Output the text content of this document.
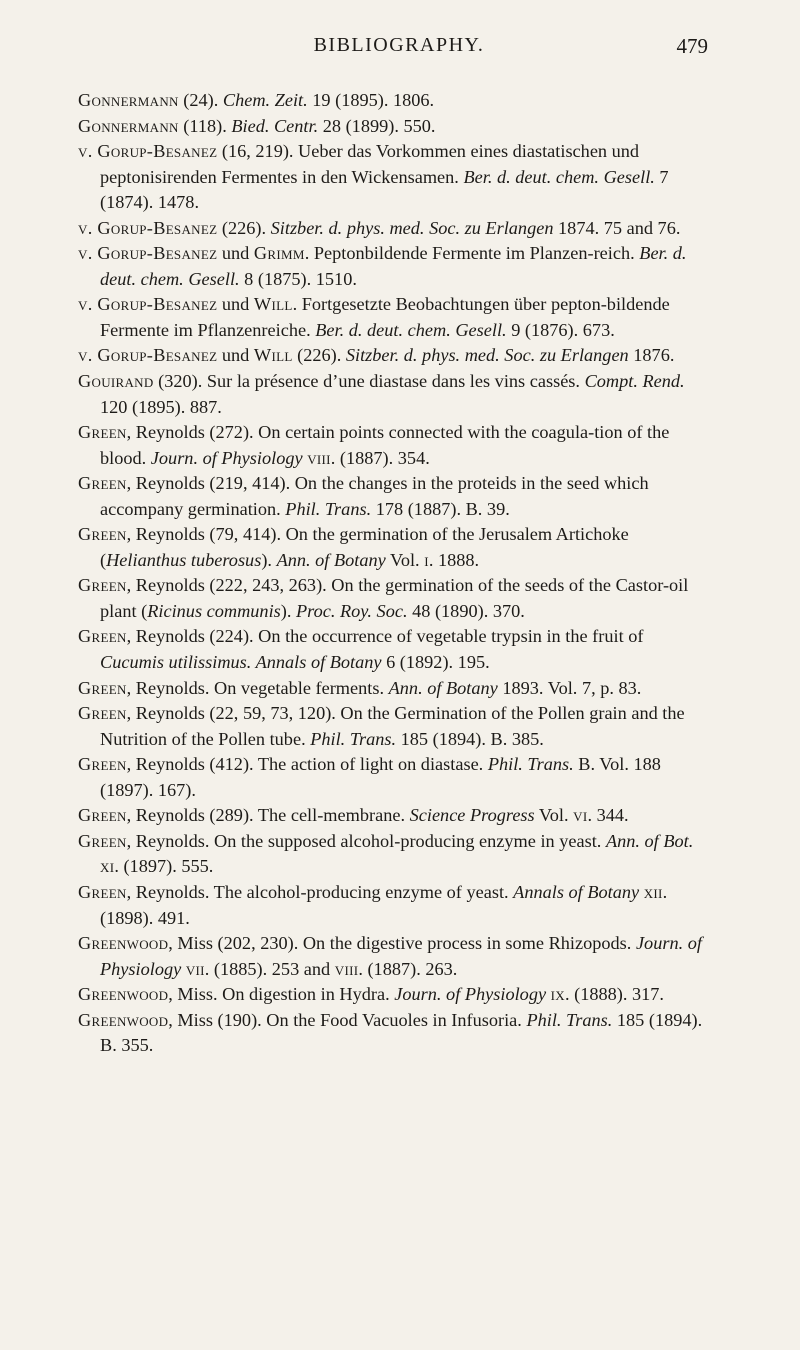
BIBLIOGRAPHY.	479

Gonnermann (24). Chem. Zeit. 19 (1895). 1806.

Gonnermann (118). Bied. Centr. 28 (1899). 550.

v. Gorup-Besanez (16, 219). Ueber das Vorkommen eines diastatischen und peptonisirenden Fermentes in den Wickensamen. Ber. d. deut. chem. Gesell. 7 (1874). 1478.

v. Gorup-Besanez (226). Sitzber. d. phys. med. Soc. zu Erlangen 1874. 75 and 76.

v. Gorup-Besanez und Grimm. Peptonbildende Fermente im Planzen-reich. Ber. d. deut. chem. Gesell. 8 (1875). 1510.

v. Gorup-Besanez und Will. Fortgesetzte Beobachtungen über pepton-bildende Fermente im Pflanzenreiche. Ber. d. deut. chem. Gesell. 9 (1876). 673.

v. Gorup-Besanez und Will (226). Sitzber. d. phys. med. Soc. zu Erlangen 1876.

Gouirand (320). Sur la présence d’une diastase dans les vins cassés. Compt. Rend. 120 (1895). 887.

Green, Reynolds (272). On certain points connected with the coagula-tion of the blood. Journ. of Physiology viii. (1887). 354.

Green, Reynolds (219, 414). On the changes in the proteids in the seed which accompany germination. Phil. Trans. 178 (1887). B. 39.

Green, Reynolds (79, 414). On the germination of the Jerusalem Artichoke (Helianthus tuberosus). Ann. of Botany Vol. i. 1888.

Green, Reynolds (222, 243, 263). On the germination of the seeds of the Castor-oil plant (Ricinus communis). Proc. Roy. Soc. 48 (1890). 370.

Green, Reynolds (224). On the occurrence of vegetable trypsin in the fruit of Cucumis utilissimus. Annals of Botany 6 (1892). 195.

Green, Reynolds. On vegetable ferments. Ann. of Botany 1893. Vol. 7, p. 83.

Green, Reynolds (22, 59, 73, 120). On the Germination of the Pollen grain and the Nutrition of the Pollen tube. Phil. Trans. 185 (1894). B. 385.

Green, Reynolds (412). The action of light on diastase. Phil. Trans. B. Vol. 188 (1897). 167).

Green, Reynolds (289). The cell-membrane. Science Progress Vol. vi. 344.

Green, Reynolds. On the supposed alcohol-producing enzyme in yeast. Ann. of Bot. xi. (1897). 555.

Green, Reynolds. The alcohol-producing enzyme of yeast. Annals of Botany xii. (1898). 491.

Greenwood, Miss (202, 230). On the digestive process in some Rhizopods. Journ. of Physiology vii. (1885). 253 and viii. (1887). 263.

Greenwood, Miss. On digestion in Hydra. Journ. of Physiology ix. (1888). 317.

Greenwood, Miss (190). On the Food Vacuoles in Infusoria. Phil. Trans. 185 (1894). B. 355.
